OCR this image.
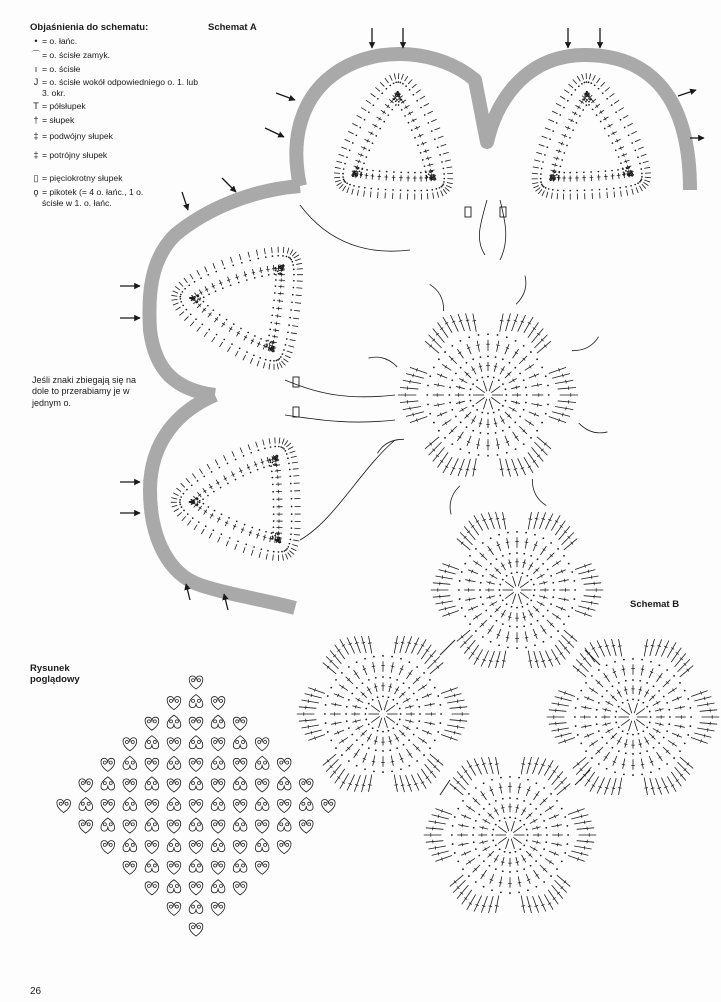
Objaśnienia do schematu:
• = o. łańc.
⌒ = o. ścisłe zamyk.
ı = o. ścisłe
J = o. ścisłe wokół odpowiedniego o. 1. lub 3. okr.
T = półsłupek
† = słupek
‡ = podwójny słupek
‡ = potrójny słupek
▯ = pięciokrotny słupek
ϙ = pikotek (= 4 o. łańc., 1 o. ścisłe w 1. o. łańc.
Jeśli znaki zbiegają się na dole to przerabiamy je w jednym o.
Schemat A
Schemat B
Rysunek
poglądowy
26
